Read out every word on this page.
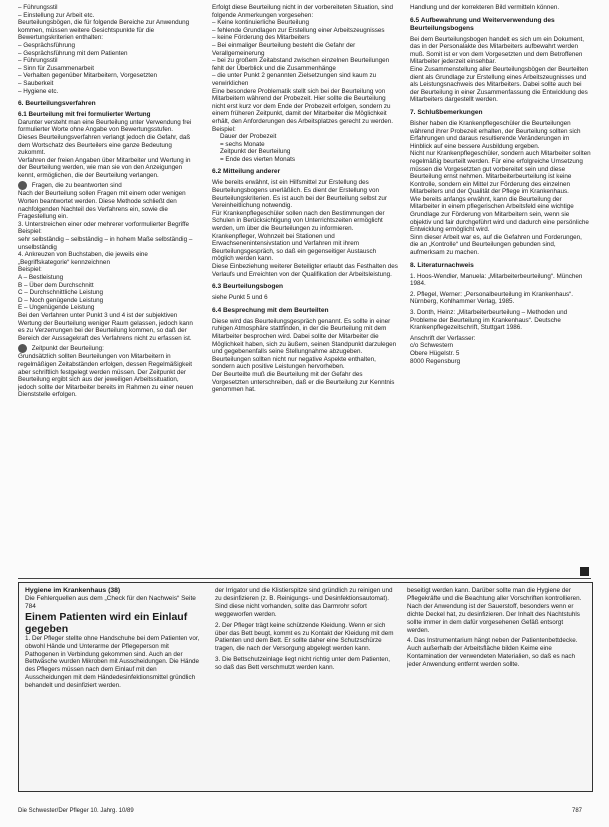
– Führungsstil
– Einstellung zur Arbeit etc.
Beurteilungsbögen, die für folgende Bereiche zur Anwendung kommen, müssen weitere Gesichtspunkte für die Bewertungskriterien enthalten:
– Gesprächsführung
– Gesprächsführung mit dem Patienten
– Führungsstil
– Sinn für Zusammenarbeit
– Verhalten gegenüber Mitarbeitern, Vorgesetzten
– Sauberkeit
– Hygiene etc.
6. Beurteilungsverfahren
6.1 Beurteilung mit frei formulierter Wertung

Darunter versteht man eine Beurteilung unter Verwendung frei formulierter Worte ohne Angabe von Bewertungsstufen.

Dieses Beurteilungsverfahren verlangt jedoch die Gefahr, daß dem Wortschatz des Beurteilers eine ganze Bedeutung zukommt.

Verfahren der freien Angaben über Mitarbeiter und Wertung in der Beurteilung werden, wie man sie von den Anzeigungen kennt, ermöglichen, die der Beurteilung verlangen.

Fragen, die zu beantworten sind

Nach der Beurteilung sollen Fragen mit einem oder wenigen Worten beantwortet werden. Diese Methode schließt den nachfolgenden Nachteil des Verfahrens ein, sowie die Fragestellung ein.

3. Unterstreichen einer oder mehrerer vorformulierter Begriffe

Beispiel:
sehr selbständig – selbständig – in hohem Maße selbständig – unselbständig

4. Ankreuzen von Buchstaben, die jeweils eine „Begriffskategorie“ kennzeichnen

Beispiel:
A – Bestleistung
B – Über dem Durchschnitt
C – Durchschnittliche Leistung
D – Noch genügende Leistung
E – Ungenügende Leistung

Bei den Verfahren unter Punkt 3 und 4 ist der subjektiven Wertung der Beurteilung weniger Raum gelassen, jedoch kann es zu Verzerrungen bei der Beurteilung kommen, so daß der Bereich der Aussagekraft des Verfahrens nicht zu erfassen ist.

Zeitpunkt der Beurteilung:

Grundsätzlich sollten Beurteilungen von Mitarbeitern in regelmäßigen Zeitabständen erfolgen, dessen Regelmäßigkeit aber schriftlich festgelegt werden müssen. Der Zeitpunkt der Beurteilung ergibt sich aus der jeweiligen Arbeitssituation, jedoch sollte der Mitarbeiter bereits im Rahmen zu einer neuen Dienststelle erfolgen.

Erfolgt diese Beurteilung nicht in der vorbereiteten Situation, sind folgende Anmerkungen vorgesehen:

– Keine kontinuierliche Beurteilung
– fehlende Grundlagen zur Erstellung einer Arbeitszeugnisses
– keine Förderung des Mitarbeiters
– Bei einmaliger Beurteilung besteht die Gefahr der Verallgemeinerung
– bei zu großem Zeitabstand zwischen einzelnen Beurteilungen fehlt der Überblick und die Zusammenhänge
– die unter Punkt 2 genannten Zielsetzungen sind kaum zu verwirklichen

Eine besondere Problematik stellt sich bei der Beurteilung von Mitarbeitern während der Probezeit. Hier sollte die Beurteilung nicht erst kurz vor dem Ende der Probezeit erfolgen, sondern zu einem früheren Zeitpunkt, damit der Mitarbeiter die Möglichkeit erhält, den Anforderungen des Arbeitsplatzes gerecht zu werden.

Beispiel:
Dauer der Probezeit
= sechs Monate
Zeitpunkt der Beurteilung
= Ende des vierten Monats
6.2 Mitteilung anderer

Wie bereits erwähnt, ist ein Hilfsmittel zur Erstellung des Beurteilungsbogens unerläßlich. Es dient der Erstellung von Beurteilungskriterien. Es ist auch bei der Beurteilung selbst zur Vereinheitlichung notwendig.

Für Krankenpflegeschüler sollen nach den Bestimmungen der Schulen in Berücksichtigung von Unterrichtszeiten ermöglicht werden, um über die Beurteilungen zu informieren.

Krankenpfleger, Wohnzeit bei Stationen und Erwachsenenintensivstation und Verfahren mit ihrem Beurteilungsgespräch, so daß ein gegenseitiger Austausch möglich werden kann.

Diese Einbeziehung weiterer Beteiligter erlaubt das Festhalten des Verlaufs und Erreichten von der Qualifikation der Arbeitsleistung.

6.3 Beurteilungsbogen
siehe Punkt 5 und 6
6.4 Besprechung mit dem Beurteilten

Diese wird das Beurteilungsgespräch genannt. Es sollte in einer ruhigen Atmosphäre stattfinden, in der die Beurteilung mit dem Mitarbeiter besprochen wird. Dabei sollte der Mitarbeiter die Möglichkeit haben, sich zu äußern, seinen Standpunkt darzulegen und gegebenenfalls seine Stellungnahme abzugeben. Beurteilungen sollten nicht nur negative Aspekte enthalten, sondern auch positive Leistungen hervorheben.

Der Beurteilte muß die Beurteilung mit der Gefahr des Vorgesetzten unterschreiben, daß er die Beurteilung zur Kenntnis genommen hat.

Handlung und der korrekteren Bild vermitteln können.

6.5 Aufbewahrung und Weiterverwendung des Beurteilungsbogens

Bei dem Beurteilungsbogen handelt es sich um ein Dokument, das in der Personalakte des Mitarbeiters aufbewahrt werden muß. Somit ist er von dem Vorgesetzten und dem Betroffenen Mitarbeiter jederzeit einsehbar.

Eine Zusammenstellung aller Beurteilungsbögen der Beurteilten dient als Grundlage zur Erstellung eines Arbeitszeugnisses und als Leistungsnachweis des Mitarbeiters. Dabei sollte auch bei der Beurteilung in einer Zusammenfassung die Entwicklung des Mitarbeiters dargestellt werden.

7. Schlußbemerkungen

Bisher haben die Krankenpflegeschüler die Beurteilungen während ihrer Probezeit erhalten, der Beurteilung sollten sich Erfahrungen und daraus resultierende Veränderungen im Hinblick auf eine bessere Ausbildung ergeben.

Nicht nur Krankenpflegeschüler, sondern auch Mitarbeiter sollten regelmäßig beurteilt werden. Für eine erfolgreiche Umsetzung müssen die Vorgesetzten gut vorbereitet sein und diese Beurteilung ernst nehmen. Mitarbeiterbeurteilung ist keine Kontrolle, sondern ein Mittel zur Förderung des einzelnen Mitarbeiters und der Qualität der Pflege im Krankenhaus.

Wie bereits anfangs erwähnt, kann die Beurteilung der Mitarbeiter in einem pflegerischen Arbeitsfeld eine wichtige Grundlage zur Förderung von Mitarbeitern sein, wenn sie objektiv und fair durchgeführt wird und dadurch eine persönliche Entwicklung ermöglicht wird.

Sinn dieser Arbeit war es, auf die Gefahren und Forderungen, die an „Kontrolle“ und Beurteilungen gebunden sind, aufmerksam zu machen.

8. Literaturnachweis
1. Hoos-Wendler, Manuela: „Mitarbeiterbeurteilung“. München 1984.
2. Pflegel, Werner: „Personalbeurteilung im Krankenhaus“. Nürnberg, Kohlhammer Verlag, 1985.
3. Donth, Heinz: „Mitarbeiterbeurteilung – Methoden und Probleme der Beurteilung im Krankenhaus“. Deutsche Krankenpflegezeitschrift, Stuttgart 1986.
Anschrift der Verfasser:
c/o Schwestern
Obere Hügelstr. 5
8000 Regensburg
Hygiene im Krankenhaus (38)
Die Fehlerquellen aus dem „Check für den Nachweis“ Seite 784
Einem Patienten wird ein Einlauf gegeben
1. Der Pfleger stellte ohne Handschuhe bei dem Patienten vor, obwohl Hände und Unterarme der Pflegeperson mit Pathogenen in Verbindung gekommen sind. Auch an der Bettwäsche wurden Mikroben mit Ausscheidungen. Die Hände des Pflegers müssen nach dem Einlauf mit den Ausscheidungen mit dem Händedesinfektionsmittel gründlich behandelt und desinfiziert werden.
der Irrigator und die Klistierspitze sind gründlich zu reinigen und zu desinfizieren (z. B. Reinigungs- und Desinfektionsautomat). Sind diese nicht vorhanden, sollte das Darmrohr sofort weggeworfen werden.
2. Der Pfleger trägt keine schützende Kleidung. Wenn er sich über das Bett beugt, kommt es zu Kontakt der Kleidung mit dem Patienten und dem Bett. Er sollte daher eine Schutzschürze tragen, die nach der Versorgung abgelegt werden kann.
3. Die Bettschutzeinlage liegt nicht richtig unter dem Patienten, so daß das Bett verschmutzt werden kann.
beseitigt werden kann. Darüber sollte man die Hygiene der Pflegekräfte und die Beachtung aller Vorschriften kontrollieren. Nach der Anwendung ist der Sauerstoff, besonders wenn er dichte Deckel hat, zu desinfizieren. Der Inhalt des Nachtstuhls sollte immer in dem dafür vorgesehenen Gefäß entsorgt werden.
4. Das Instrumentarium hängt neben der Patientenbettdecke. Auch außerhalb der Arbeitsfläche bilden Keime eine Kontamination der verwendeten Materialien, so daß es nach jeder Anwendung entfernt werden sollte.
Die Schwester/Der Pfleger 10. Jahrg. 10/89	787
